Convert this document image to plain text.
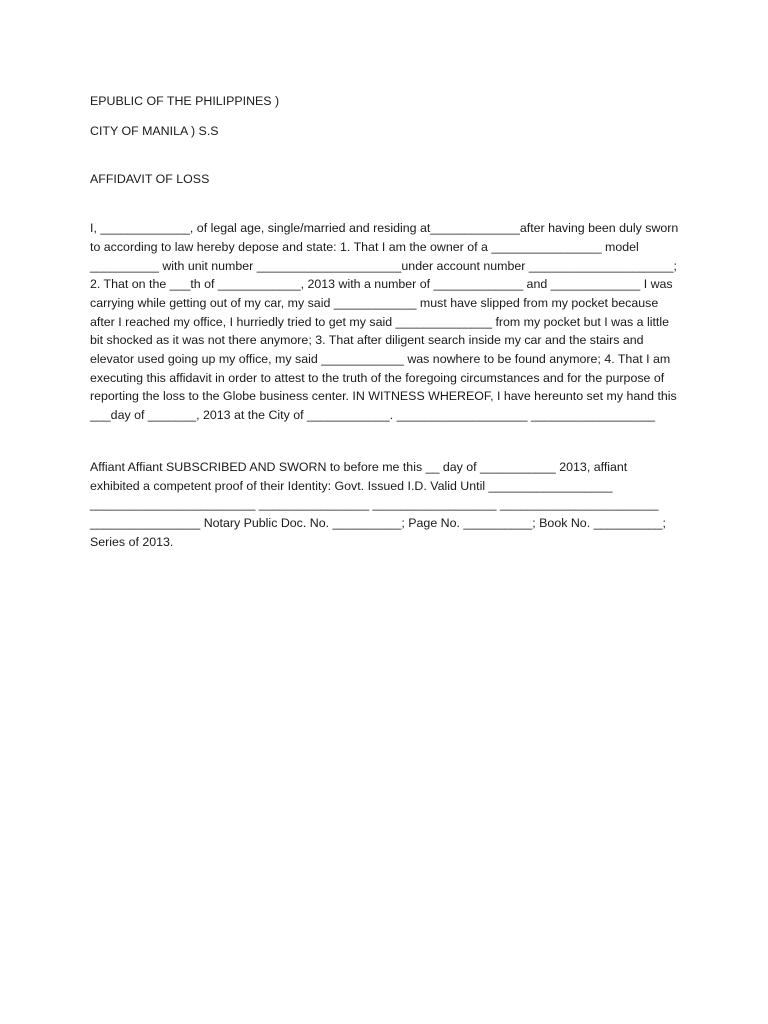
EPUBLIC OF THE PHILIPPINES )

CITY OF MANILA ) S.S

AFFIDAVIT OF LOSS

I, _____________, of legal age, single/married and residing at_____________after having been duly sworn to according to law hereby depose and state: 1. That I am the owner of a ________________ model __________ with unit number _____________________under account number _____________________; 2. That on the ___th of ____________, 2013 with a number of _____________ and _____________ I was carrying while getting out of my car, my said ____________ must have slipped from my pocket because after I reached my office, I hurriedly tried to get my said ______________ from my pocket but I was a little bit shocked as it was not there anymore; 3. That after diligent search inside my car and the stairs and elevator used going up my office, my said ____________ was nowhere to be found anymore; 4. That I am executing this affidavit in order to attest to the truth of the foregoing circumstances and for the purpose of reporting the loss to the Globe business center. IN WITNESS WHEREOF, I have hereunto set my hand this ___day of _______, 2013 at the City of ____________. ___________________ __________________

Affiant Affiant SUBSCRIBED AND SWORN to before me this __ day of ___________ 2013, affiant exhibited a competent proof of their Identity: Govt. Issued I.D. Valid Until __________________ ________________________ ________________ __________________ _______________________ ________________ Notary Public Doc. No. __________; Page No. __________; Book No. __________; Series of 2013.
